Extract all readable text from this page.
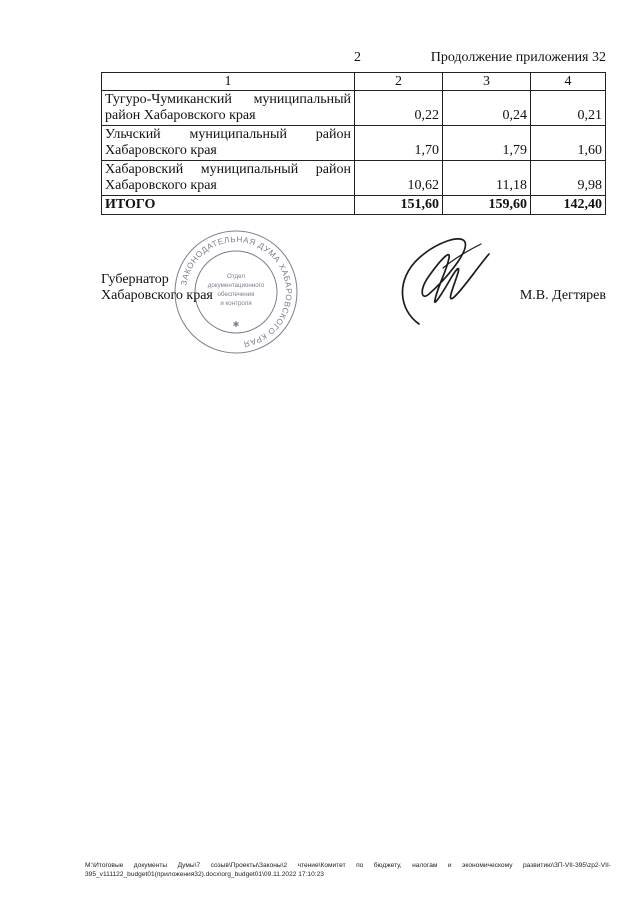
2	Продолжение приложения 32
1	2	3	4
Тугуро-Чумиканский муниципальный район Хабаровского края	0,22	0,24	0,21
Ульчский муниципальный район Хабаровского края	1,70	1,79	1,60
Хабаровский муниципальный район Хабаровского края	10,62	11,18	9,98
ИТОГО	151,60	159,60	142,40
ЗАКОНОДАТЕЛЬНАЯ ДУМА ХАБАРОВСКОГО КРАЯ
Отдел
документационного
обеспечения
и контроля
✱
Губернатор
Хабаровского края	М.В. Дегтярев
M:\Итоговые документы Думы\7 созыв\Проекты\Законы\2 чтение\Комитет по бюджету, налогам и экономическому развитию\ЗП-VII-395\zp2-VII-395_v111122_budget01(приложения32).docx\org_budget01\09.11.2022 17:10:23
